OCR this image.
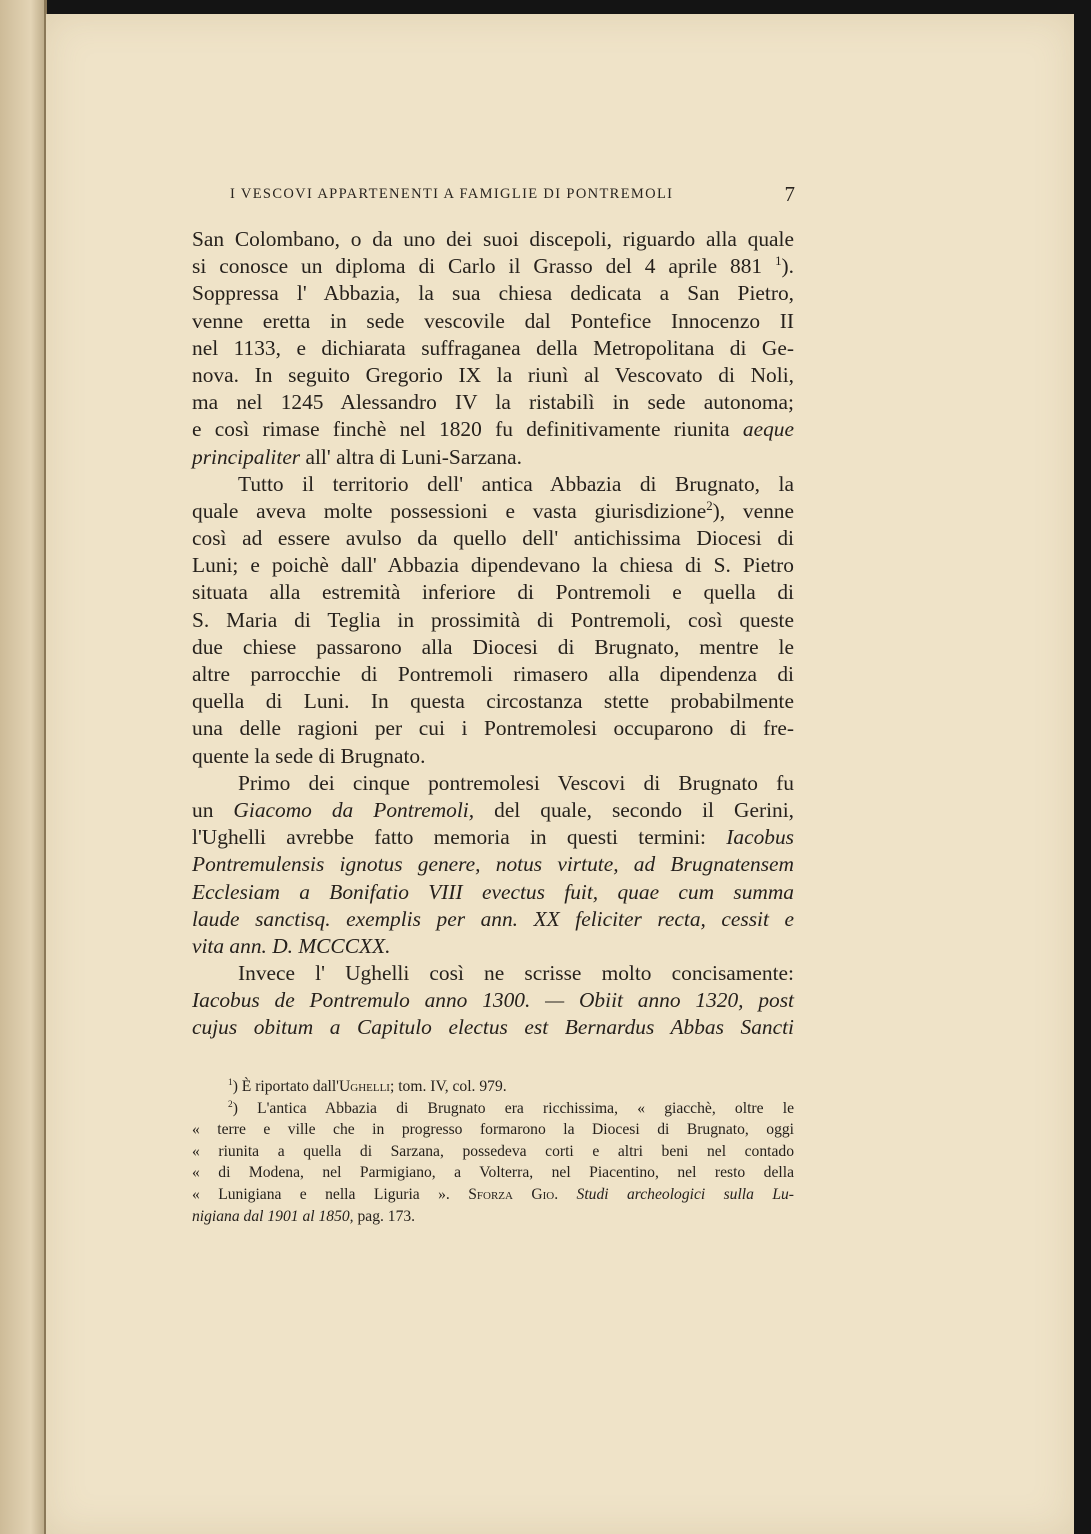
I VESCOVI APPARTENENTI A FAMIGLIE DI PONTREMOLI	7
San Colombano, o da uno dei suoi discepoli, riguardo alla quale
si conosce un diploma di Carlo il Grasso del 4 aprile 881 $^1$).
Soppressa l' Abbazia, la sua chiesa dedicata a San Pietro,
venne eretta in sede vescovile dal Pontefice Innocenzo II
nel 1133, e dichiarata suffraganea della Metropolitana di Ge-
nova. In seguito Gregorio IX la riunì al Vescovato di Noli,
ma nel 1245 Alessandro IV la ristabilì in sede autonoma;
e così rimase finchè nel 1820 fu definitivamente riunita aeque
principaliter all' altra di Luni-Sarzana.
Tutto il territorio dell' antica Abbazia di Brugnato, la
quale aveva molte possessioni e vasta giurisdizione$^2$), venne
così ad essere avulso da quello dell' antichissima Diocesi di
Luni; e poichè dall' Abbazia dipendevano la chiesa di S. Pietro
situata alla estremità inferiore di Pontremoli e quella di
S. Maria di Teglia in prossimità di Pontremoli, così queste
due chiese passarono alla Diocesi di Brugnato, mentre le
altre parrocchie di Pontremoli rimasero alla dipendenza di
quella di Luni. In questa circostanza stette probabilmente
una delle ragioni per cui i Pontremolesi occuparono di fre-
quente la sede di Brugnato.
Primo dei cinque pontremolesi Vescovi di Brugnato fu
un Giacomo da Pontremoli, del quale, secondo il Gerini,
l'Ughelli avrebbe fatto memoria in questi termini: Iacobus
Pontremulensis ignotus genere, notus virtute, ad Brugnatensem
Ecclesiam a Bonifatio VIII evectus fuit, quae cum summa
laude sanctisq. exemplis per ann. XX feliciter recta, cessit e
vita ann. D. MCCCXX.
Invece l' Ughelli così ne scrisse molto concisamente:
Iacobus de Pontremulo anno 1300. — Obiit anno 1320, post
cujus obitum a Capitulo electus est Bernardus Abbas Sancti
$^1$) È riportato dall'Ughelli; tom. IV, col. 979.
$^2$) L'antica Abbazia di Brugnato era ricchissima, « giacchè, oltre le
« terre e ville che in progresso formarono la Diocesi di Brugnato, oggi
« riunita a quella di Sarzana, possedeva corti e altri beni nel contado
« di Modena, nel Parmigiano, a Volterra, nel Piacentino, nel resto della
« Lunigiana e nella Liguria ». Sforza Gio. Studi archeologici sulla Lu-
nigiana dal 1901 al 1850, pag. 173.
